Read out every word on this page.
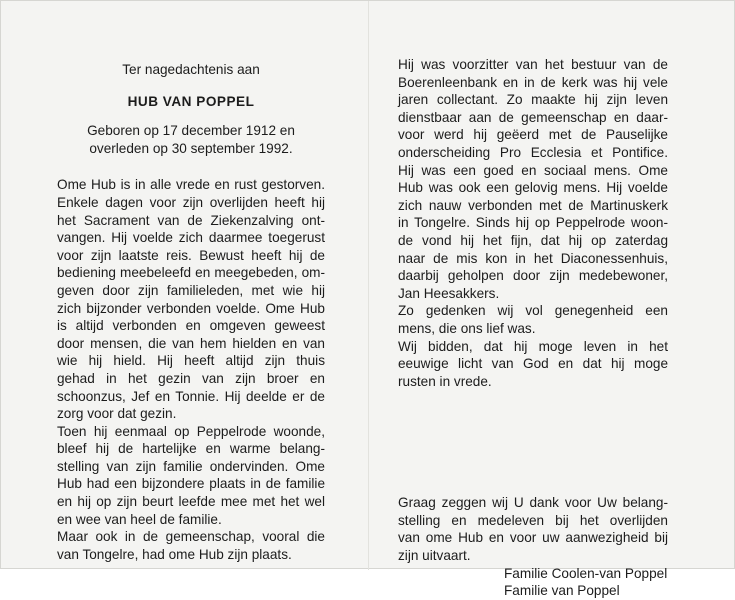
Ter nagedachtenis aan
HUB VAN POPPEL
Geboren op 17 december 1912 en
overleden op 30 september 1992.
Ome Hub is in alle vrede en rust gestorven.
Enkele dagen voor zijn overlijden heeft hij
het Sacrament van de Ziekenzalving ont-
vangen. Hij voelde zich daarmee toegerust
voor zijn laatste reis. Bewust heeft hij de
bediening meebeleefd en meegebeden, om-
geven door zijn familieleden, met wie hij
zich bijzonder verbonden voelde. Ome Hub
is altijd verbonden en omgeven geweest
door mensen, die van hem hielden en van
wie hij hield. Hij heeft altijd zijn thuis
gehad in het gezin van zijn broer en
schoonzus, Jef en Tonnie. Hij deelde er de
zorg voor dat gezin.
Toen hij eenmaal op Peppelrode woonde,
bleef hij de hartelijke en warme belang-
stelling van zijn familie ondervinden. Ome
Hub had een bijzondere plaats in de familie
en hij op zijn beurt leefde mee met het wel
en wee van heel de familie.
Maar ook in de gemeenschap, vooral die
van Tongelre, had ome Hub zijn plaats.
Hij was voorzitter van het bestuur van de
Boerenleenbank en in de kerk was hij vele
jaren collectant. Zo maakte hij zijn leven
dienstbaar aan de gemeenschap en daar-
voor werd hij geëerd met de Pauselijke
onderscheiding Pro Ecclesia et Pontifice.
Hij was een goed en sociaal mens. Ome
Hub was ook een gelovig mens. Hij voelde
zich nauw verbonden met de Martinuskerk
in Tongelre. Sinds hij op Peppelrode woon-
de vond hij het fijn, dat hij op zaterdag
naar de mis kon in het Diaconessenhuis,
daarbij geholpen door zijn medebewoner,
Jan Heesakkers.
Zo gedenken wij vol genegenheid een
mens, die ons lief was.
Wij bidden, dat hij moge leven in het
eeuwige licht van God en dat hij moge
rusten in vrede.
Graag zeggen wij U dank voor Uw belang-
stelling en medeleven bij het overlijden
van ome Hub en voor uw aanwezigheid bij
zijn uitvaart.
Familie Coolen-van Poppel
Familie van Poppel
